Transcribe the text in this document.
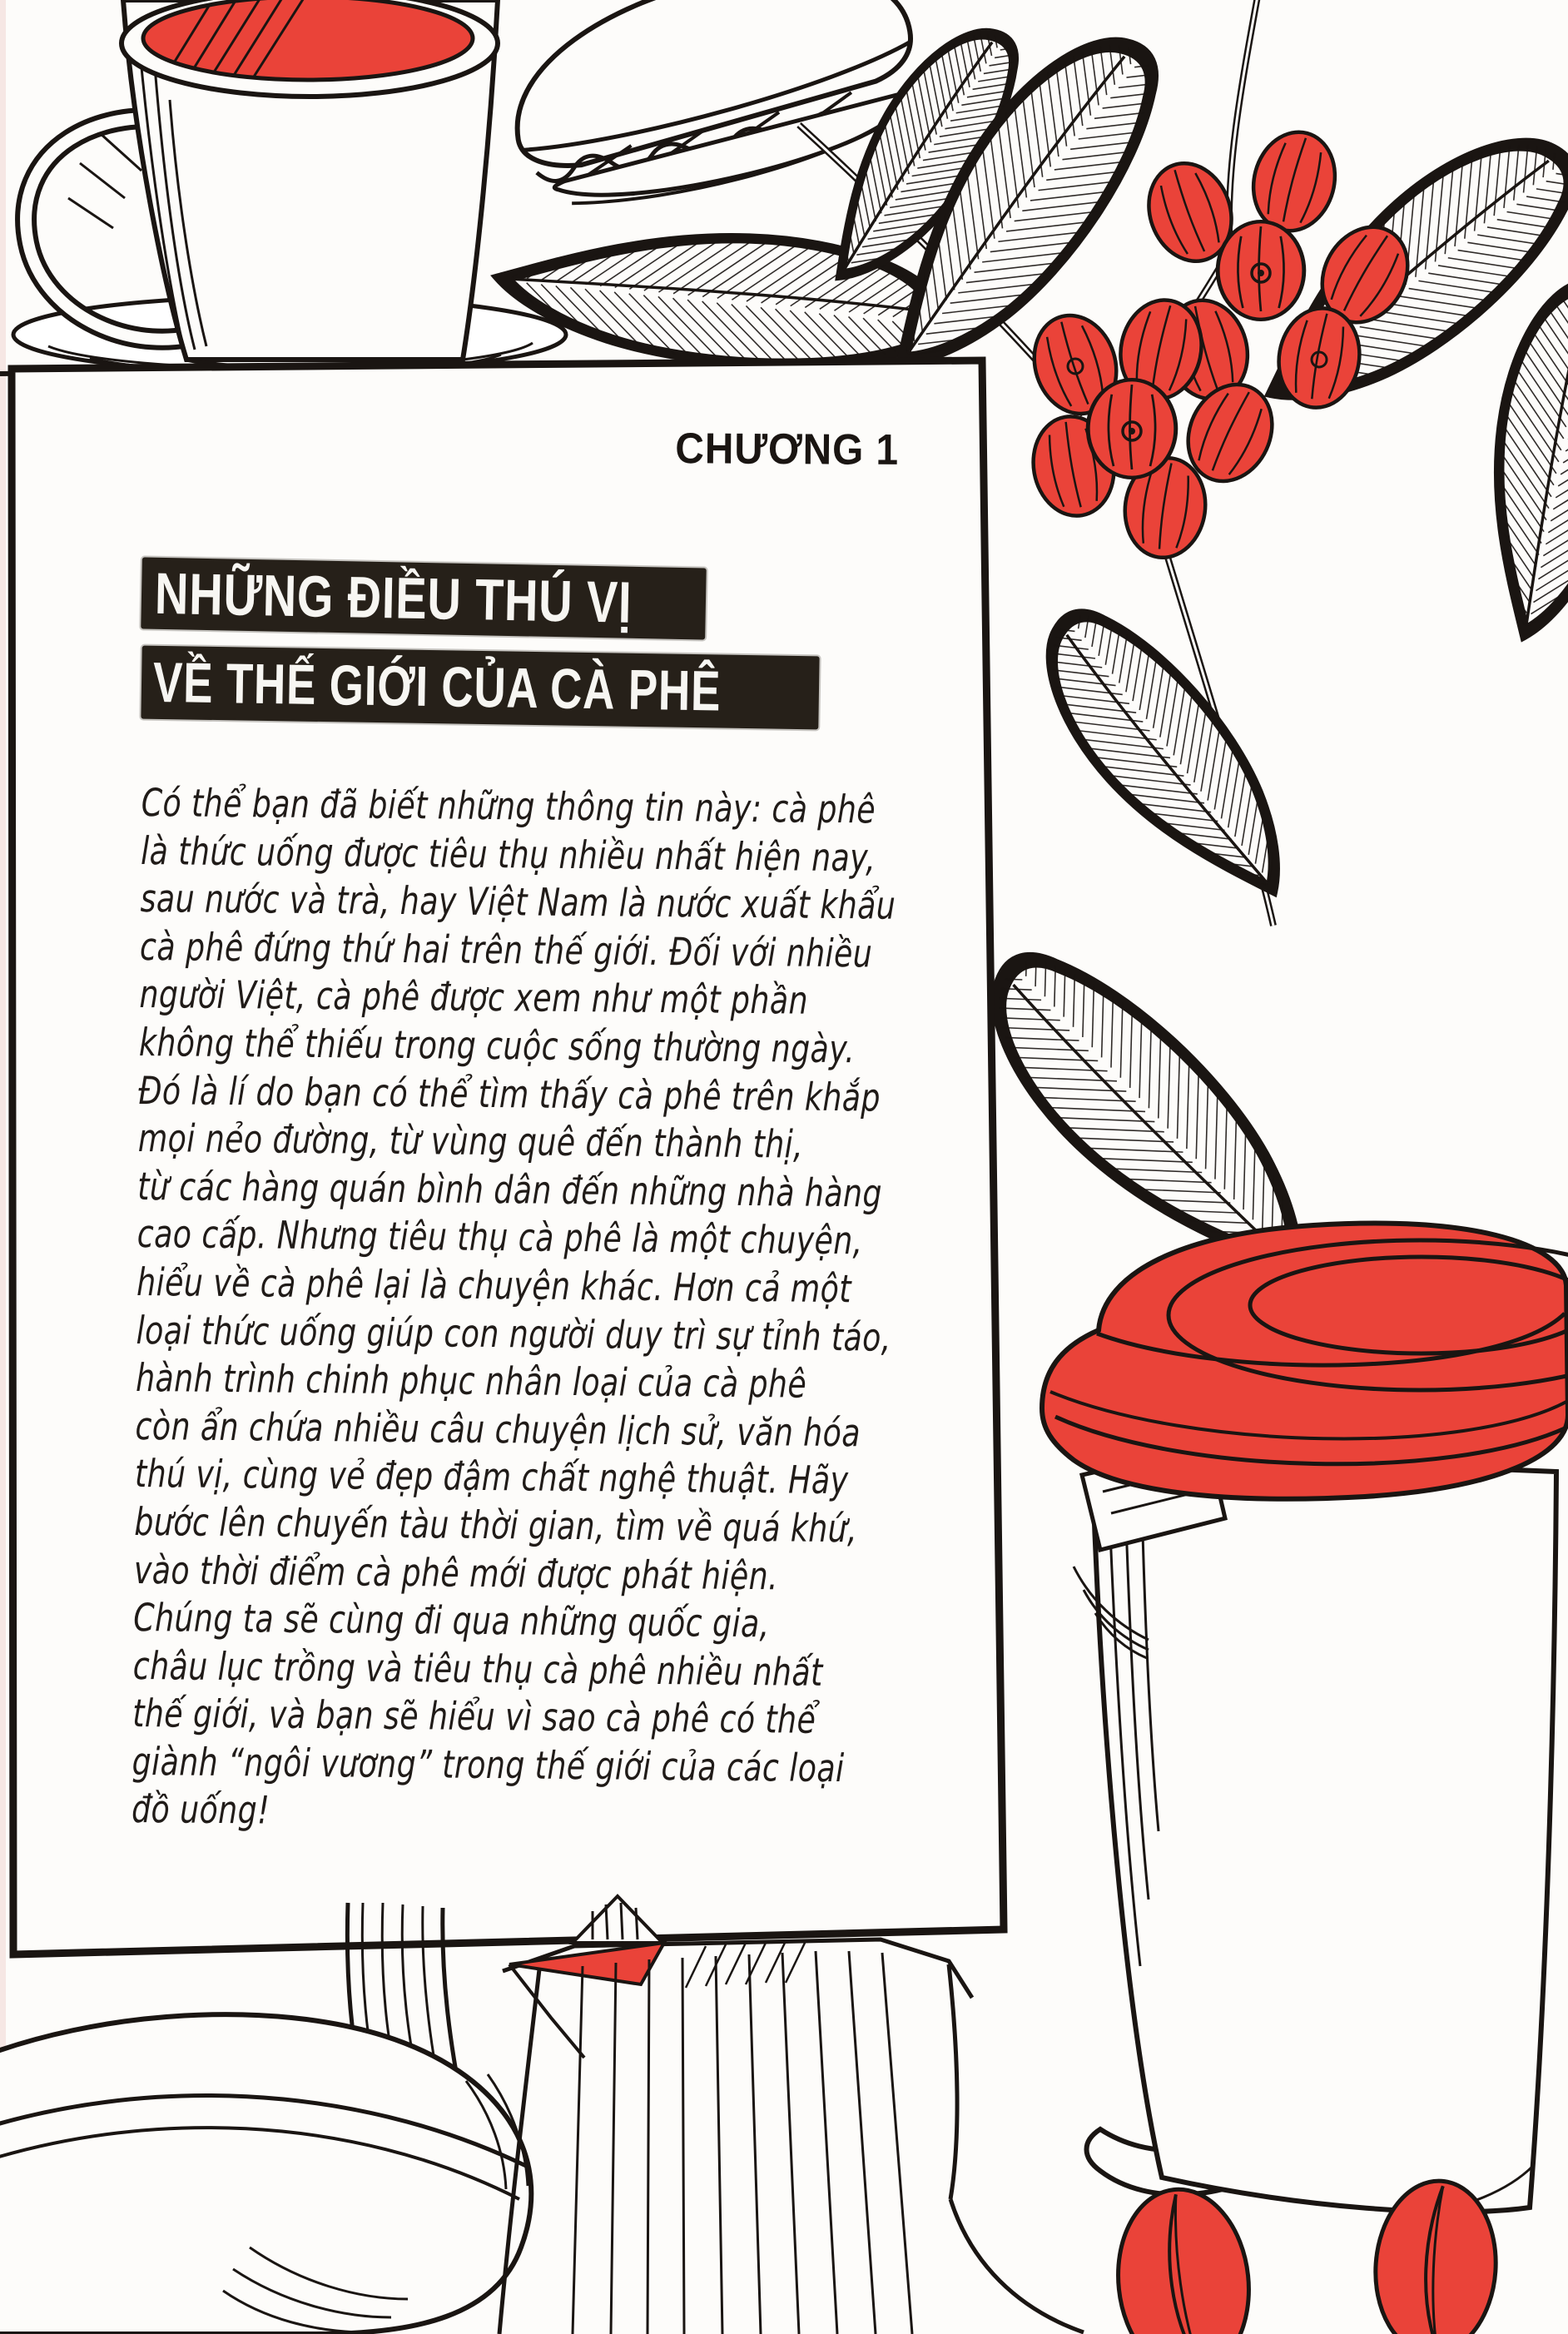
CHƯƠNG 1
NHỮNG ĐIỀU THÚ VỊ
VỀ THẾ GIỚI CỦA CÀ PHÊ
Có thể bạn đã biết những thông tin này: cà phê
là thức uống được tiêu thụ nhiều nhất hiện nay,
sau nước và trà, hay Việt Nam là nước xuất khẩu
cà phê đứng thứ hai trên thế giới. Đối với nhiều
người Việt, cà phê được xem như một phần
không thể thiếu trong cuộc sống thường ngày.
Đó là lí do bạn có thể tìm thấy cà phê trên khắp
mọi nẻo đường, từ vùng quê đến thành thị,
từ các hàng quán bình dân đến những nhà hàng
cao cấp. Nhưng tiêu thụ cà phê là một chuyện,
hiểu về cà phê lại là chuyện khác. Hơn cả một
loại thức uống giúp con người duy trì sự tỉnh táo,
hành trình chinh phục nhân loại của cà phê
còn ẩn chứa nhiều câu chuyện lịch sử, văn hóa
thú vị, cùng vẻ đẹp đậm chất nghệ thuật. Hãy
bước lên chuyến tàu thời gian, tìm về quá khứ,
vào thời điểm cà phê mới được phát hiện.
Chúng ta sẽ cùng đi qua những quốc gia,
châu lục trồng và tiêu thụ cà phê nhiều nhất
thế giới, và bạn sẽ hiểu vì sao cà phê có thể
giành “ngôi vương” trong thế giới của các loại
đồ uống!
